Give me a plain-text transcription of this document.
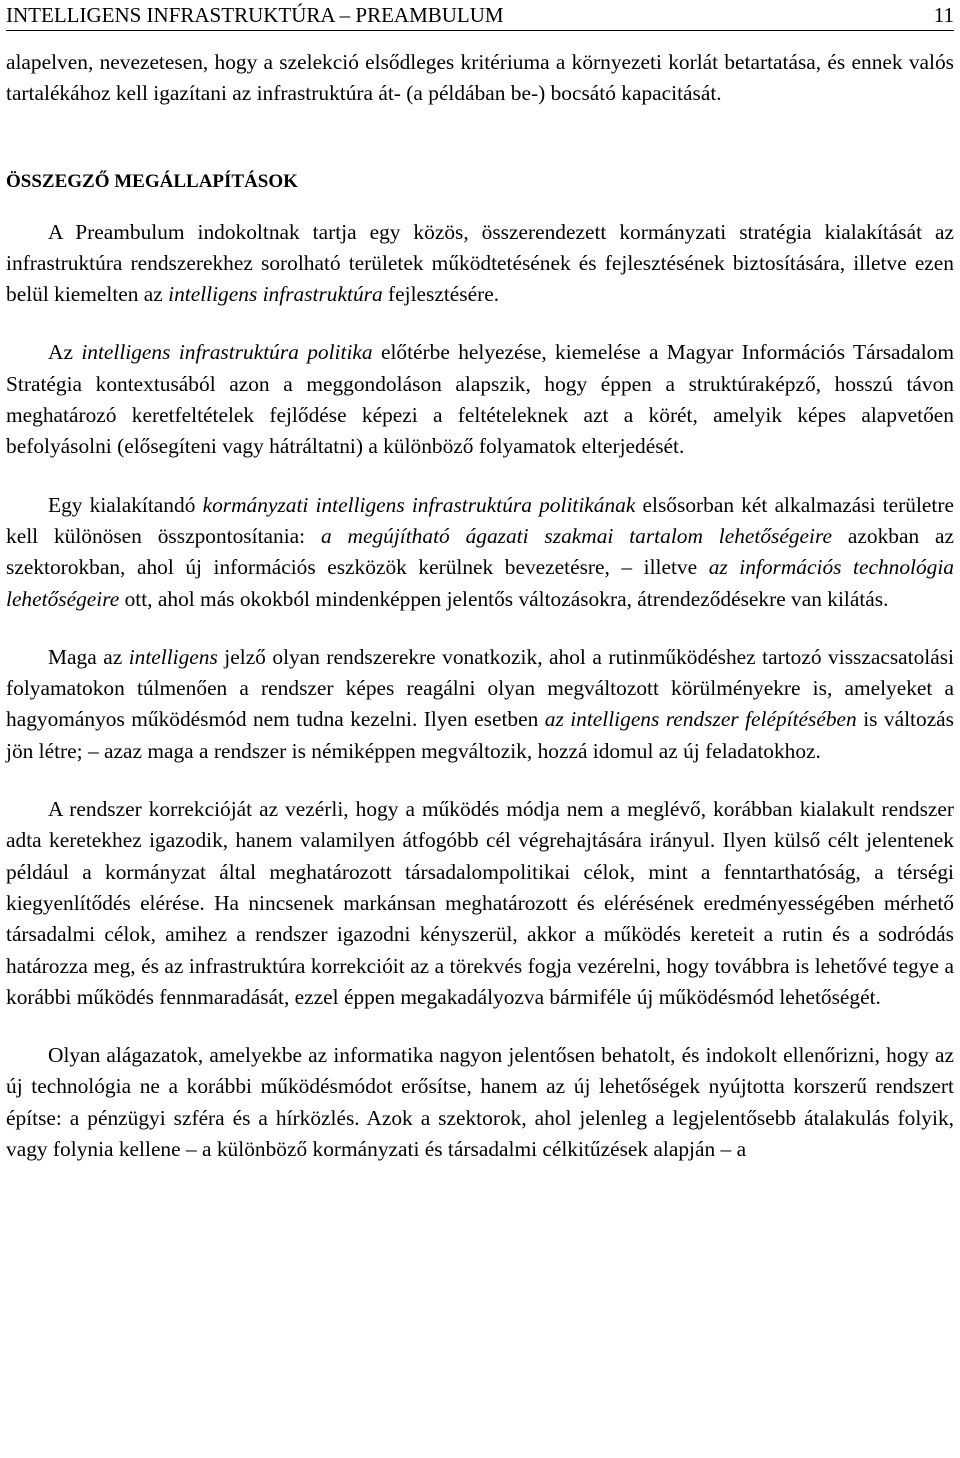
INTELLIGENS INFRASTRUKTÚRA – PREAMBULUM	11

alapelven, nevezetesen, hogy a szelekció elsődleges kritériuma a környezeti korlát betartatása, és ennek valós tartalékához kell igazítani az infrastruktúra át- (a példában be-) bocsátó kapacitását.

ÖSSZEGZŐ MEGÁLLAPÍTÁSOK

A Preambulum indokoltnak tartja egy közös, összerendezett kormányzati stratégia kialakítását az infrastruktúra rendszerekhez sorolható területek működtetésének és fejlesztésének biztosítására, illetve ezen belül kiemelten az intelligens infrastruktúra fejlesztésére.

Az intelligens infrastruktúra politika előtérbe helyezése, kiemelése a Magyar Információs Társadalom Stratégia kontextusából azon a meggondoláson alapszik, hogy éppen a struktúraképző, hosszú távon meghatározó keretfeltételek fejlődése képezi a feltételeknek azt a körét, amelyik képes alapvetően befolyásolni (elősegíteni vagy hátráltatni) a különböző folyamatok elterjedését.

Egy kialakítandó kormányzati intelligens infrastruktúra politikának elsősorban két alkalmazási területre kell különösen összpontosítania: a megújítható ágazati szakmai tartalom lehetőségeire azokban az szektorokban, ahol új információs eszközök kerülnek bevezetésre, – illetve az információs technológia lehetőségeire ott, ahol más okokból mindenképpen jelentős változásokra, átrendeződésekre van kilátás.

Maga az intelligens jelző olyan rendszerekre vonatkozik, ahol a rutinműködéshez tartozó visszacsatolási folyamatokon túlmenően a rendszer képes reagálni olyan megváltozott körülményekre is, amelyeket a hagyományos működésmód nem tudna kezelni. Ilyen esetben az intelligens rendszer felépítésében is változás jön létre; – azaz maga a rendszer is némiképpen megváltozik, hozzá idomul az új feladatokhoz.

A rendszer korrekcióját az vezérli, hogy a működés módja nem a meglévő, korábban kialakult rendszer adta keretekhez igazodik, hanem valamilyen átfogóbb cél végrehajtására irányul. Ilyen külső célt jelentenek például a kormányzat által meghatározott társadalompolitikai célok, mint a fenntarthatóság, a térségi kiegyenlítődés elérése. Ha nincsenek markánsan meghatározott és elérésének eredményességében mérhető társadalmi célok, amihez a rendszer igazodni kényszerül, akkor a működés kereteit a rutin és a sodródás határozza meg, és az infrastruktúra korrekcióit az a törekvés fogja vezérelni, hogy továbbra is lehetővé tegye a korábbi működés fennmaradását, ezzel éppen megakadályozva bármiféle új működésmód lehetőségét.

Olyan alágazatok, amelyekbe az informatika nagyon jelentősen behatolt, és indokolt ellenőrizni, hogy az új technológia ne a korábbi működésmódot erősítse, hanem az új lehetőségek nyújtotta korszerű rendszert építse: a pénzügyi szféra és a hírközlés. Azok a szektorok, ahol jelenleg a legjelentősebb átalakulás folyik, vagy folynia kellene – a különböző kormányzati és társadalmi célkitűzések alapján – a
